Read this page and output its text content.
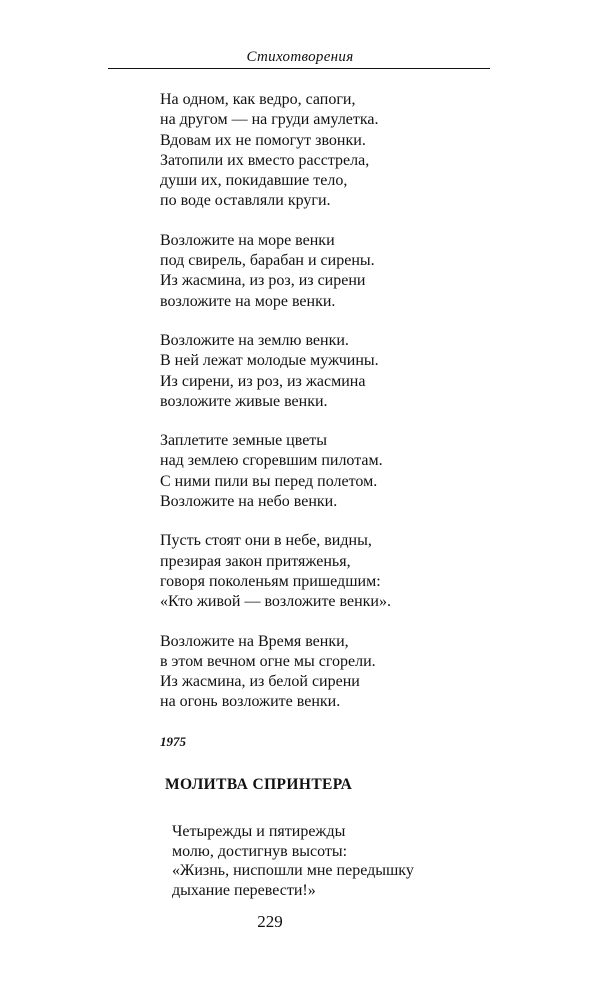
Стихотворения
На одном, как ведро, сапоги,
на другом — на груди амулетка.
Вдовам их не помогут звонки.
Затопили их вместо расстрела,
души их, покидавшие тело,
по воде оставляли круги.
Возложите на море венки
под свирель, барабан и сирены.
Из жасмина, из роз, из сирени
возложите на море венки.
Возложите на землю венки.
В ней лежат молодые мужчины.
Из сирени, из роз, из жасмина
возложите живые венки.
Заплетите земные цветы
над землею сгоревшим пилотам.
С ними пили вы перед полетом.
Возложите на небо венки.
Пусть стоят они в небе, видны,
презирая закон притяженья,
говоря поколеньям пришедшим:
«Кто живой — возложите венки».
Возложите на Время венки,
в этом вечном огне мы сгорели.
Из жасмина, из белой сирени
на огонь возложите венки.
1975
МОЛИТВА СПРИНТЕРА
Четырежды и пятирежды
молю, достигнув высоты:
«Жизнь, ниспошли мне передышку
дыхание перевести!»
229
